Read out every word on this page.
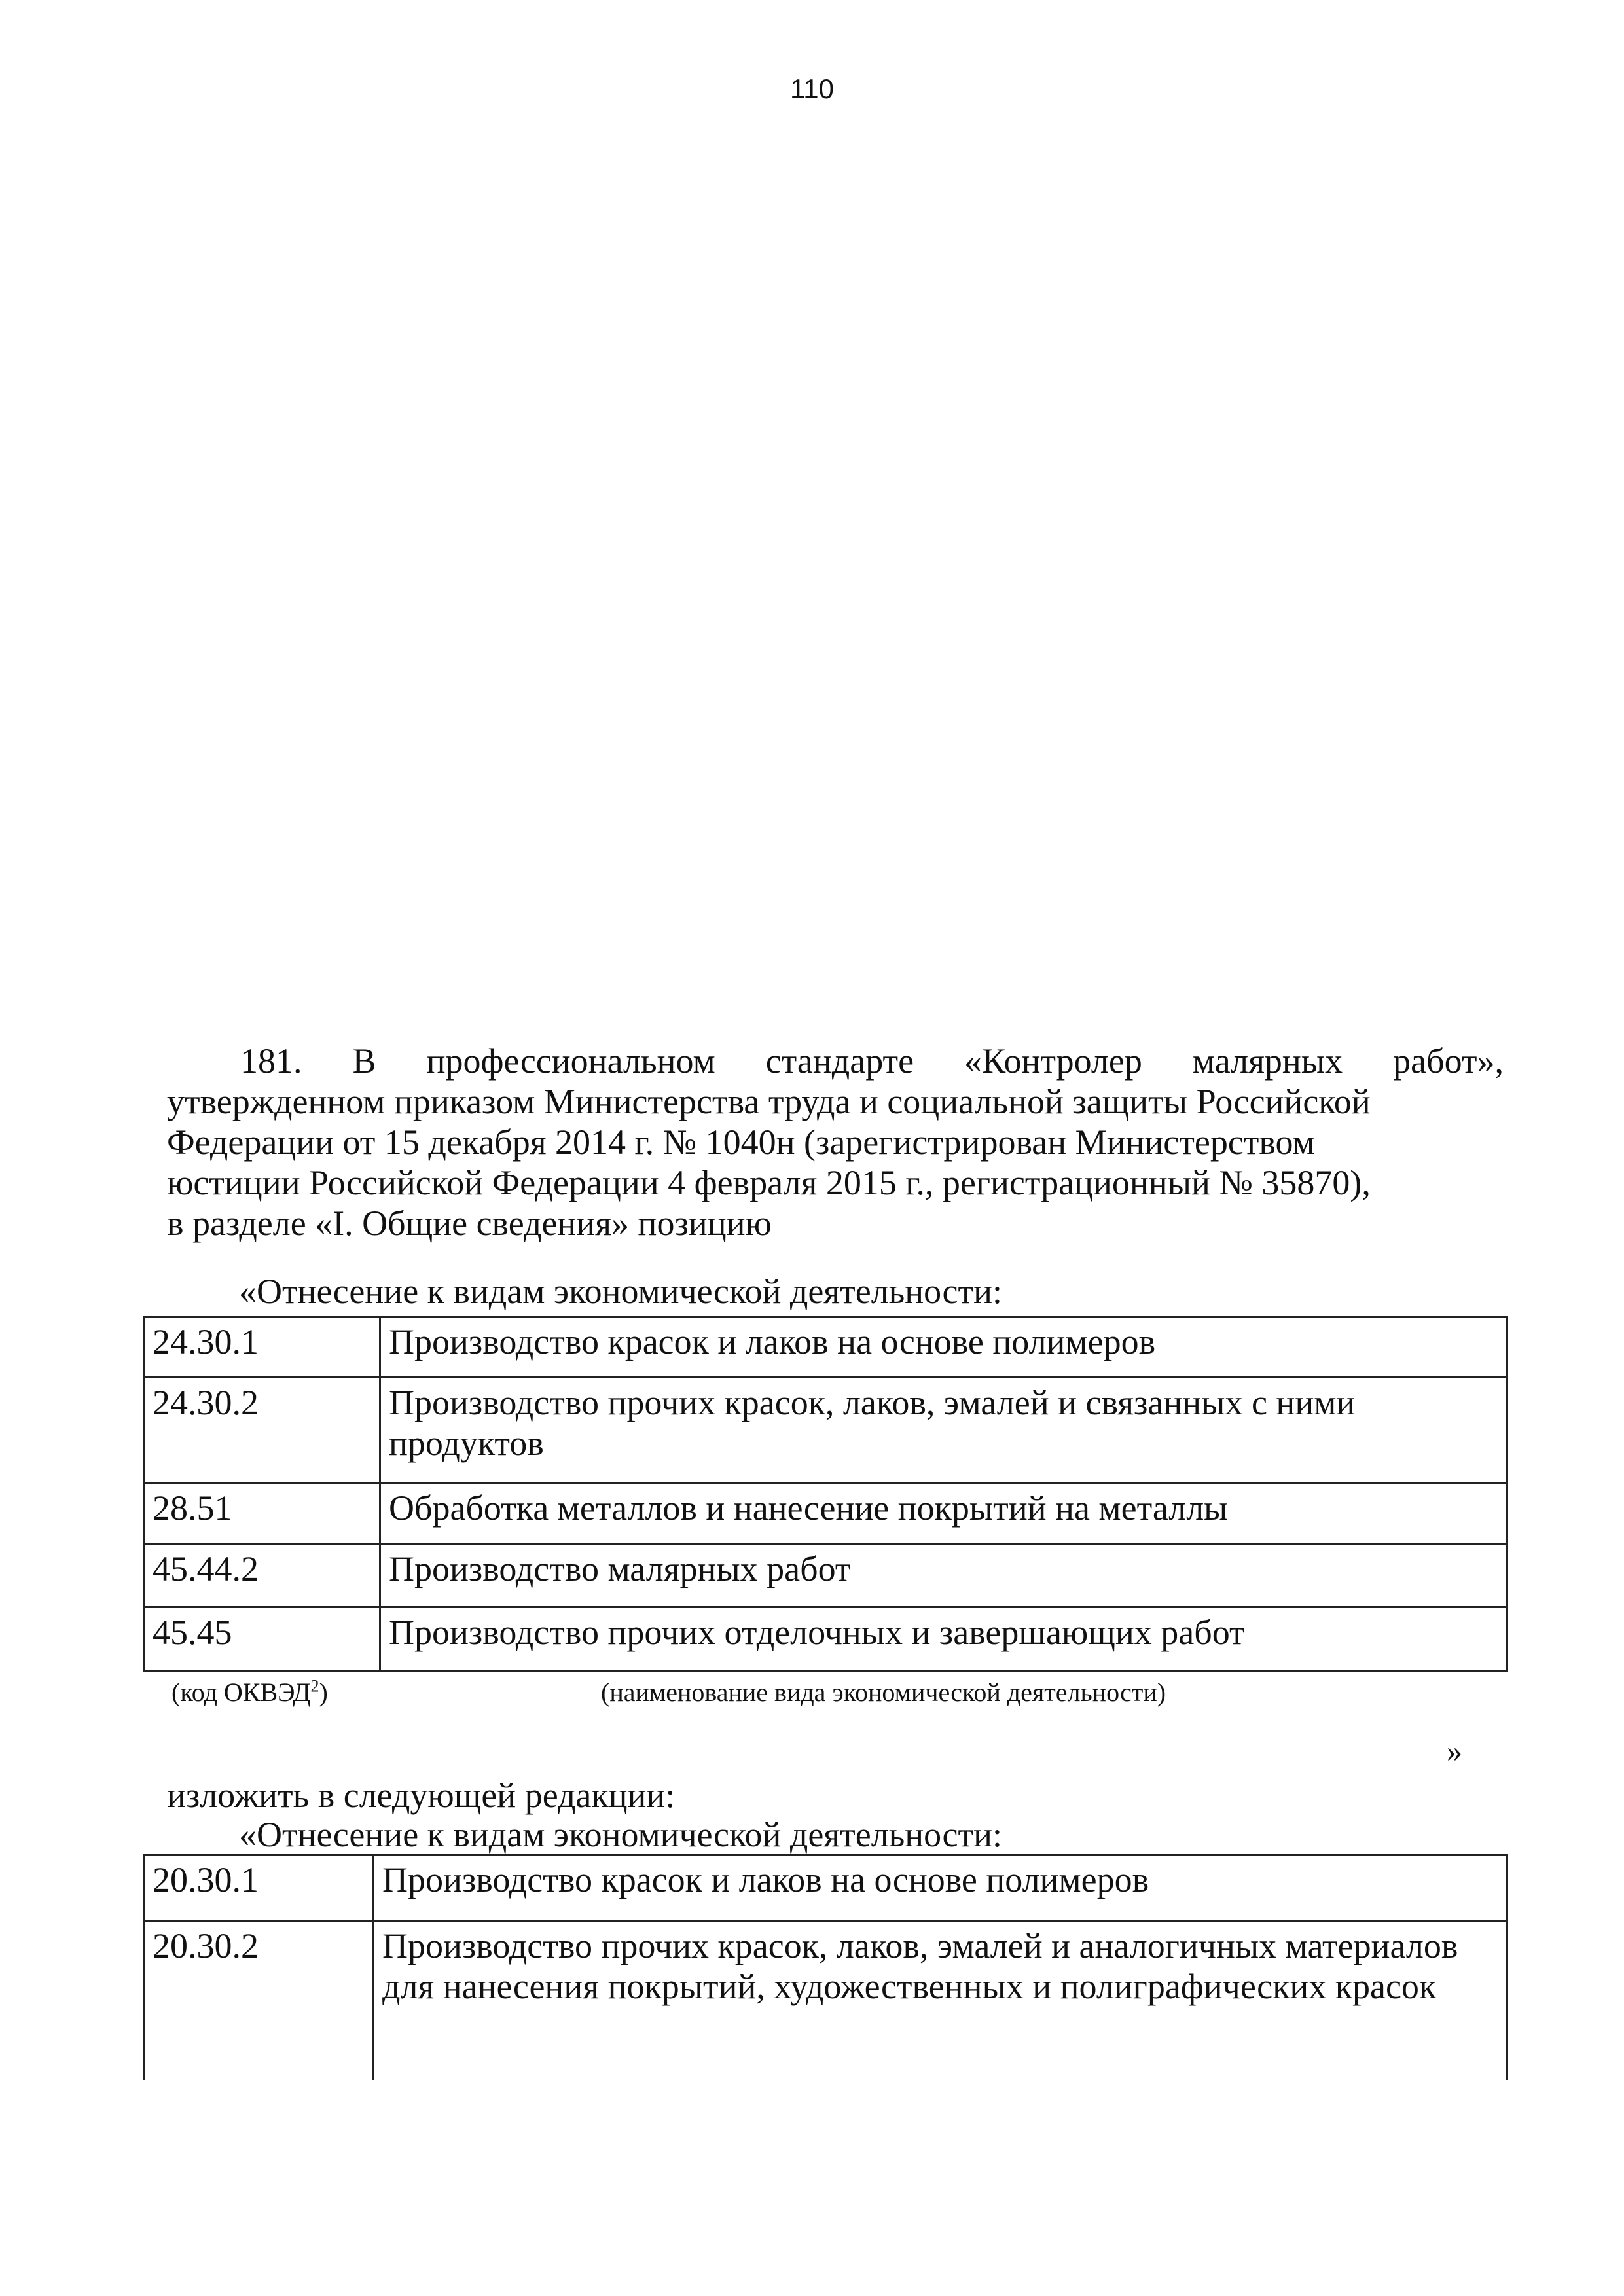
110
181. В профессиональном стандарте «Контролер малярных работ»,
утвержденном приказом Министерства труда и социальной защиты Российской
Федерации от 15 декабря 2014 г. № 1040н (зарегистрирован Министерством
юстиции Российской Федерации 4 февраля 2015 г., регистрационный № 35870),
в разделе «I. Общие сведения» позицию
«Отнесение к видам экономической деятельности:
24.30.1	Производство красок и лаков на основе полимеров
24.30.2	Производство прочих красок, лаков, эмалей и связанных с ними продуктов
28.51	Обработка металлов и нанесение покрытий на металлы
45.44.2	Производство малярных работ
45.45	Производство прочих отделочных и завершающих работ
(код ОКВЭД$^2$)	(наименование вида экономической деятельности)
»
изложить в следующей редакции:
«Отнесение к видам экономической деятельности:
20.30.1	Производство красок и лаков на основе полимеров
20.30.2	Производство прочих красок, лаков, эмалей и аналогичных материалов для нанесения покрытий, художественных и полиграфических красок
